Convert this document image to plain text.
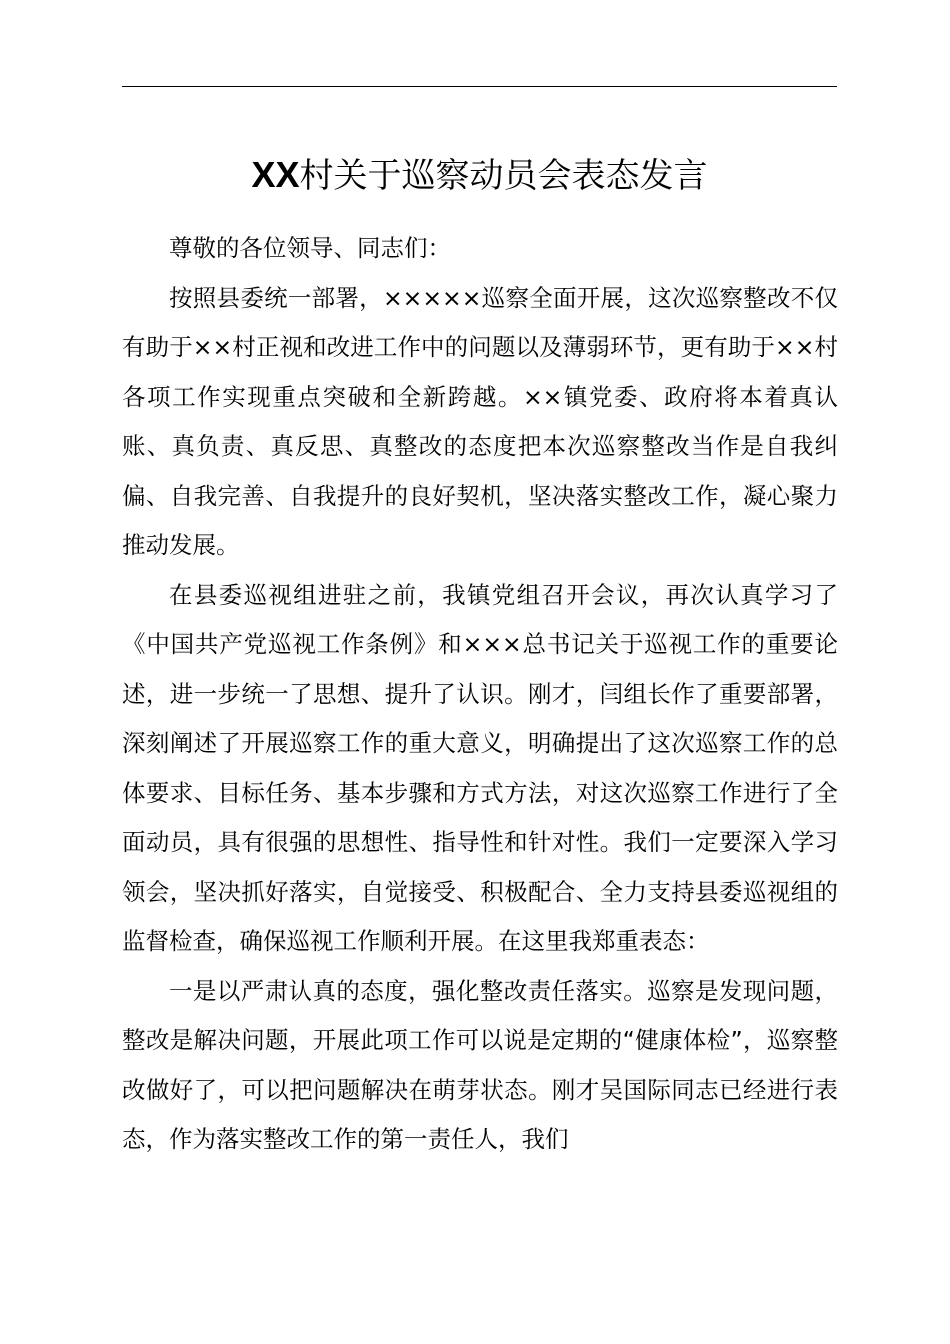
XX村关于巡察动员会表态发言

尊敬的各位领导、同志们：

按照县委统一部署，×××××巡察全面开展，这次巡察整改不仅有助于××村正视和改进工作中的问题以及薄弱环节，更有助于××村各项工作实现重点突破和全新跨越。××镇党委、政府将本着真认账、真负责、真反思、真整改的态度把本次巡察整改当作是自我纠偏、自我完善、自我提升的良好契机，坚决落实整改工作，凝心聚力推动发展。

在县委巡视组进驻之前，我镇党组召开会议，再次认真学习了《中国共产党巡视工作条例》和×××总书记关于巡视工作的重要论述，进一步统一了思想、提升了认识。刚才，闫组长作了重要部署，深刻阐述了开展巡察工作的重大意义，明确提出了这次巡察工作的总体要求、目标任务、基本步骤和方式方法，对这次巡察工作进行了全面动员，具有很强的思想性、指导性和针对性。我们一定要深入学习领会，坚决抓好落实，自觉接受、积极配合、全力支持县委巡视组的监督检查，确保巡视工作顺利开展。在这里我郑重表态：

一是以严肃认真的态度，强化整改责任落实。巡察是发现问题，整改是解决问题，开展此项工作可以说是定期的“健康体检”，巡察整改做好了，可以把问题解决在萌芽状态。刚才吴国际同志已经进行表态，作为落实整改工作的第一责任人，我们
